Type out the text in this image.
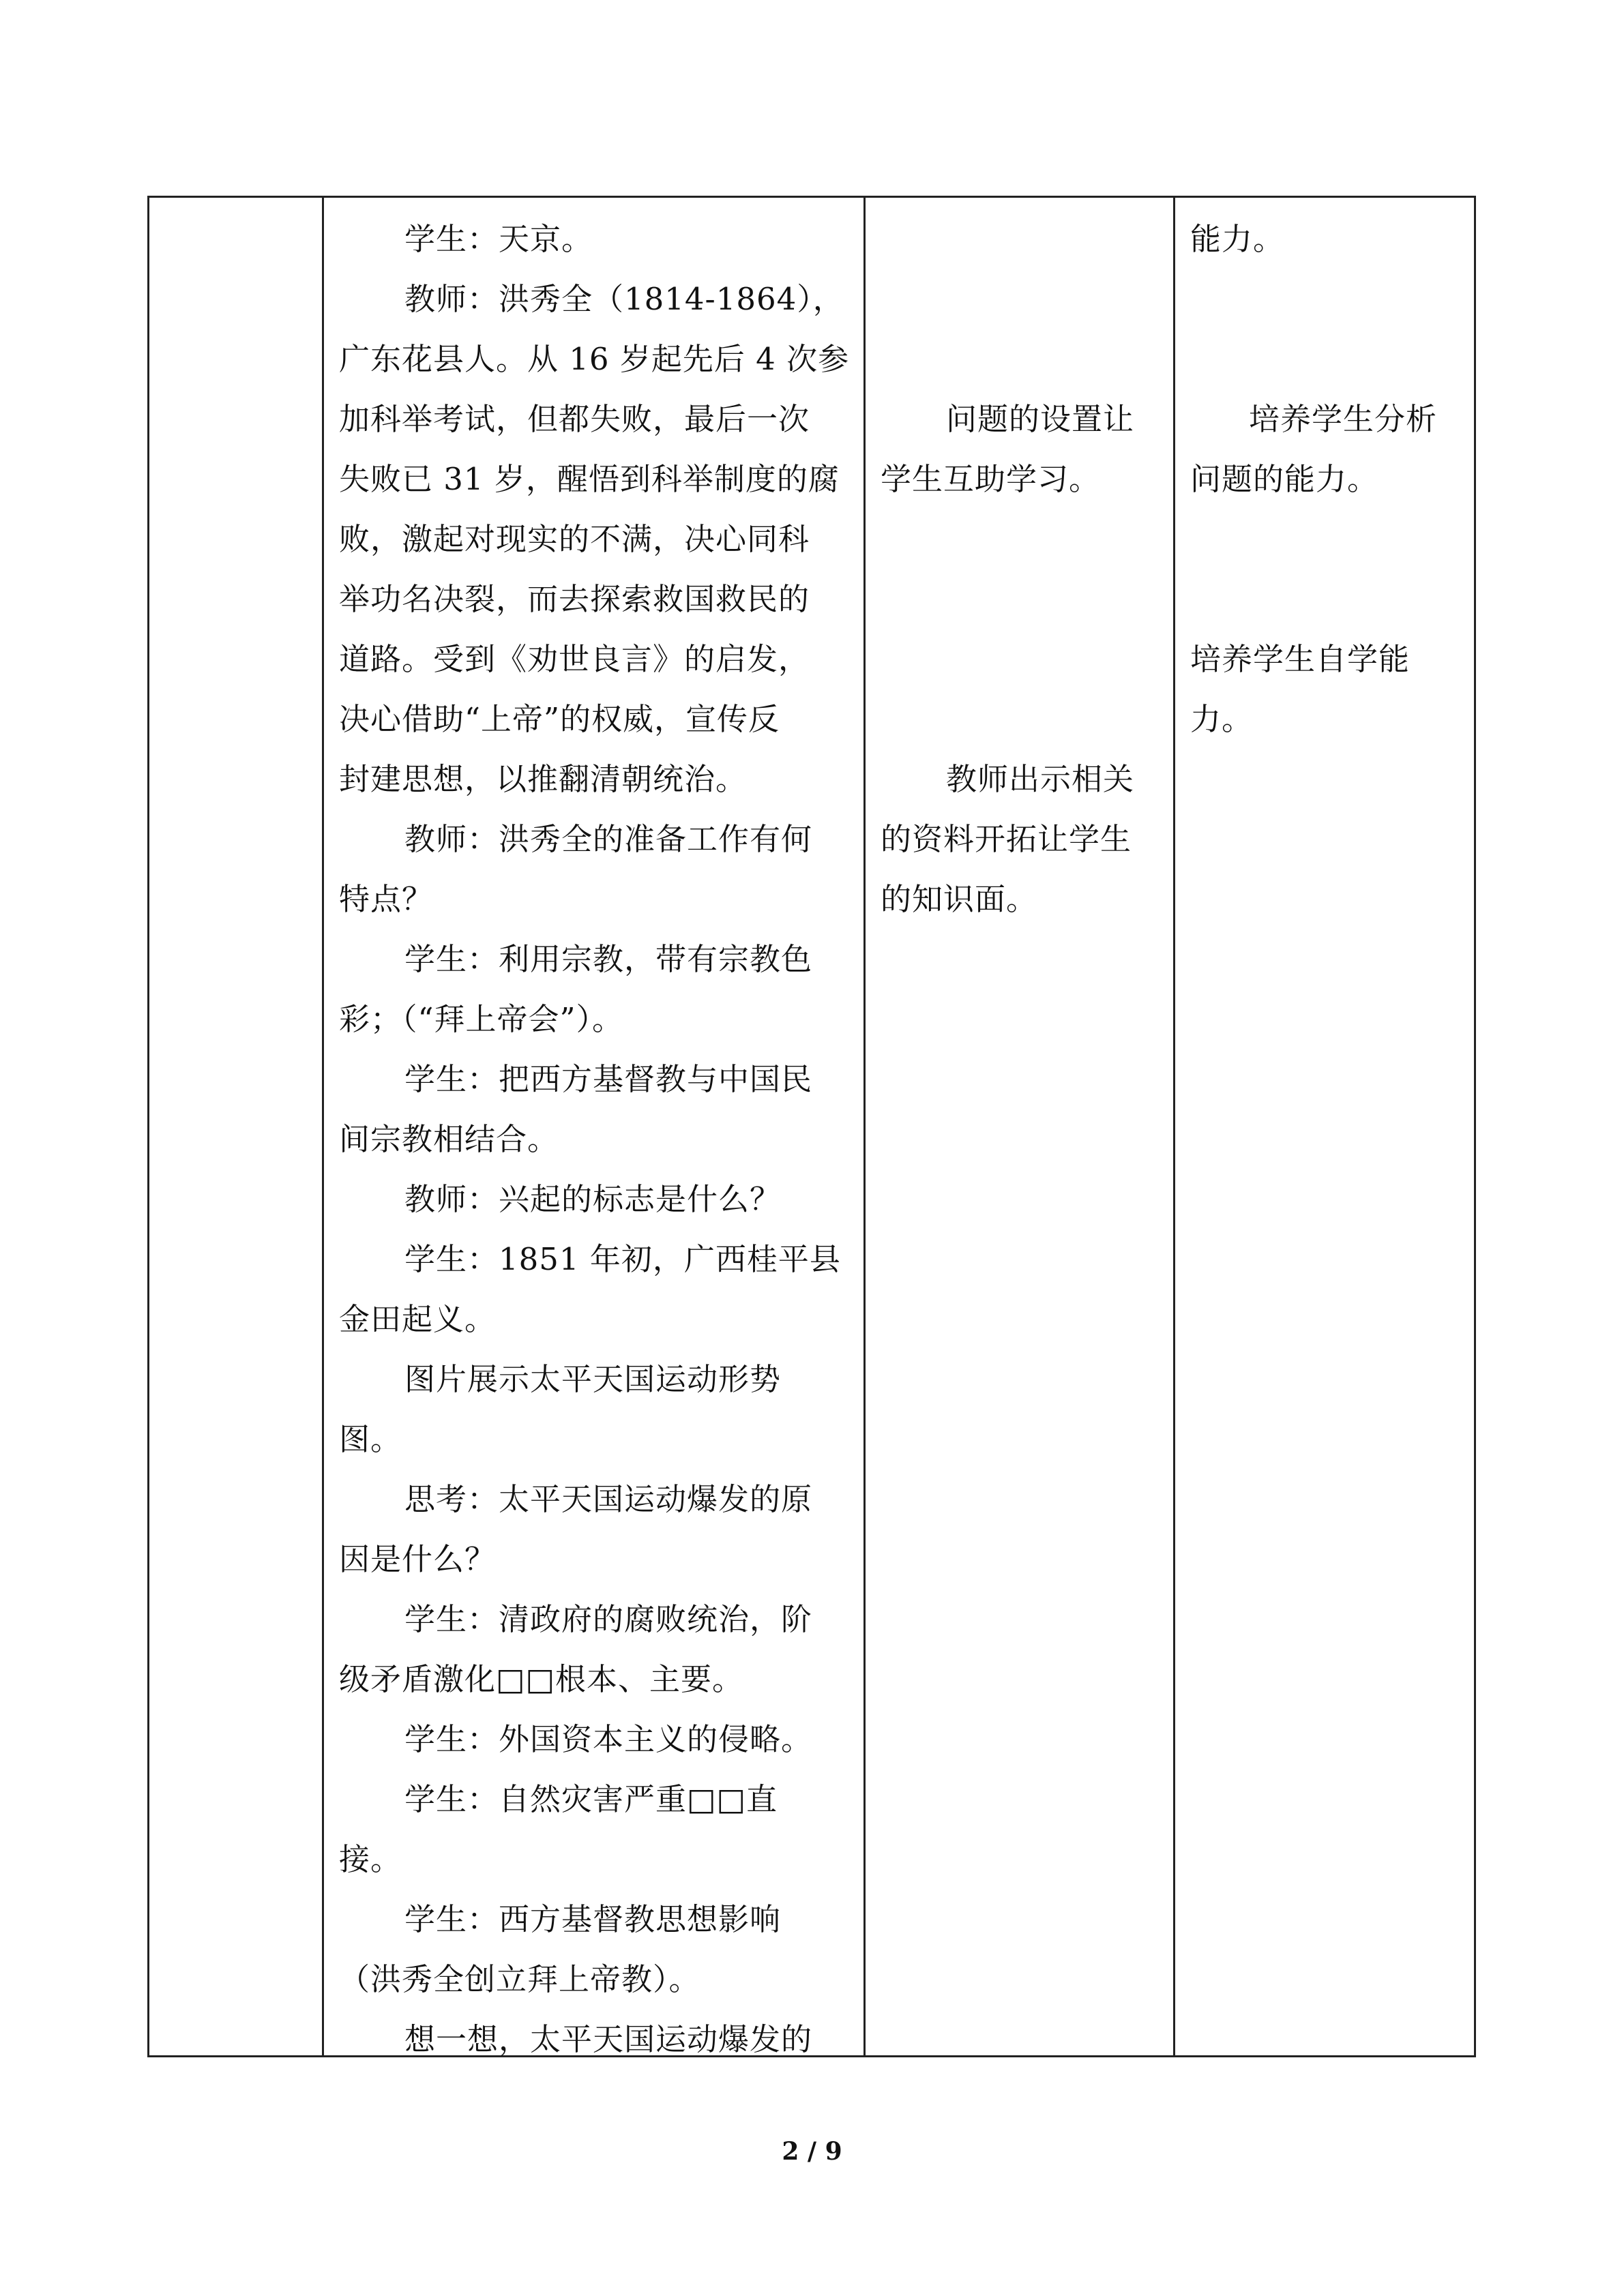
学生：天京。
教师：洪秀全（1814-1864），
广东花县人。从 16 岁起先后 4 次参
加科举考试，但都失败，最后一次
失败已 31 岁，醒悟到科举制度的腐
败，激起对现实的不满，决心同科
举功名决裂，而去探索救国救民的
道路。受到《劝世良言》的启发，
决心借助“上帝”的权威，宣传反
封建思想，以推翻清朝统治。
教师：洪秀全的准备工作有何
特点？
学生：利用宗教，带有宗教色
彩；（“拜上帝会”）。
学生：把西方基督教与中国民
间宗教相结合。
教师：兴起的标志是什么？
学生：1851 年初，广西桂平县
金田起义。
图片展示太平天国运动形势
图。
思考：太平天国运动爆发的原
因是什么？
学生：清政府的腐败统治，阶
级矛盾激化□□根本、主要。
学生：外国资本主义的侵略。
学生：自然灾害严重□□直
接。
学生：西方基督教思想影响
（洪秀全创立拜上帝教）。
想一想，太平天国运动爆发的
问题的设置让
学生互助学习。
教师出示相关
的资料开拓让学生
的知识面。
能力。
培养学生分析
问题的能力。
培养学生自学能
力。
2 / 9
